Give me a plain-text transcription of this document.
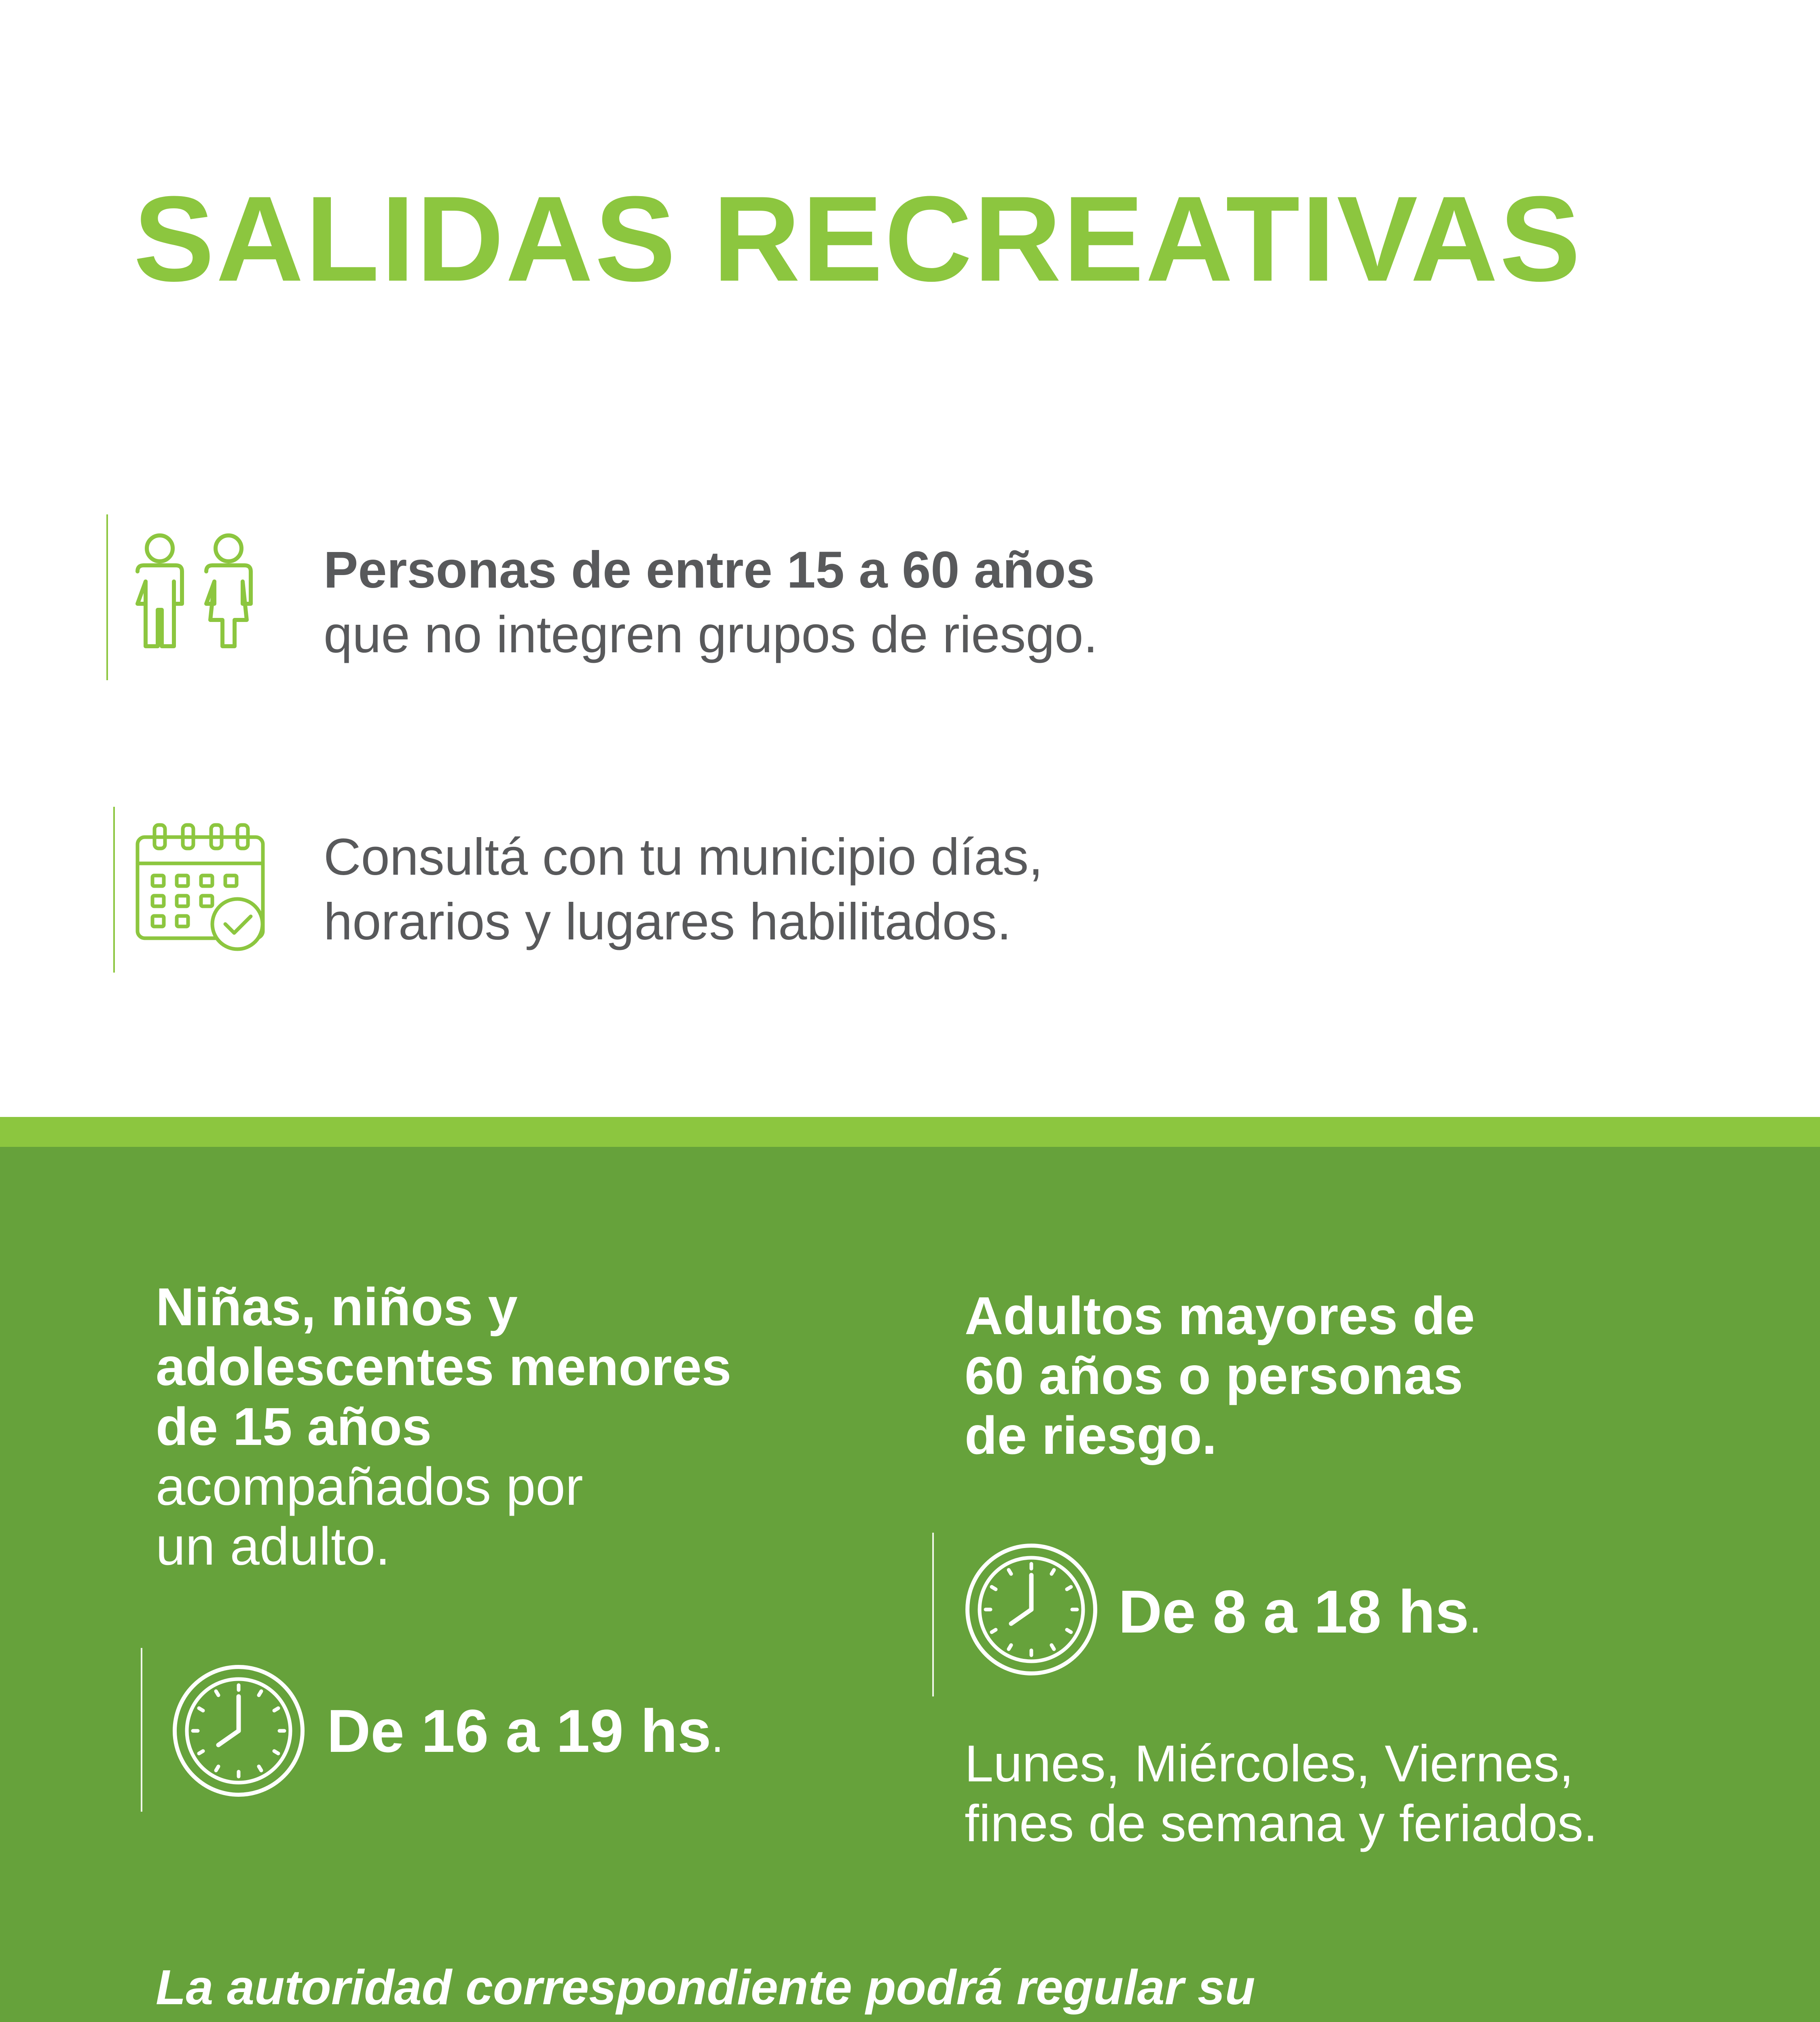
SALIDAS RECREATIVAS
Personas de entre 15 a 60 años
que no integren grupos de riesgo.
Consultá con tu municipio días,
horarios y lugares habilitados.
Niñas, niños y
adolescentes menores
de 15 años
acompañados por
un adulto.
De 16 a 19 hs.
Adultos mayores de
60 años o personas
de riesgo.
De 8 a 18 hs.
Lunes, Miércoles, Viernes,
fines de semana y feriados.
La autoridad correspondiente podrá regular su
